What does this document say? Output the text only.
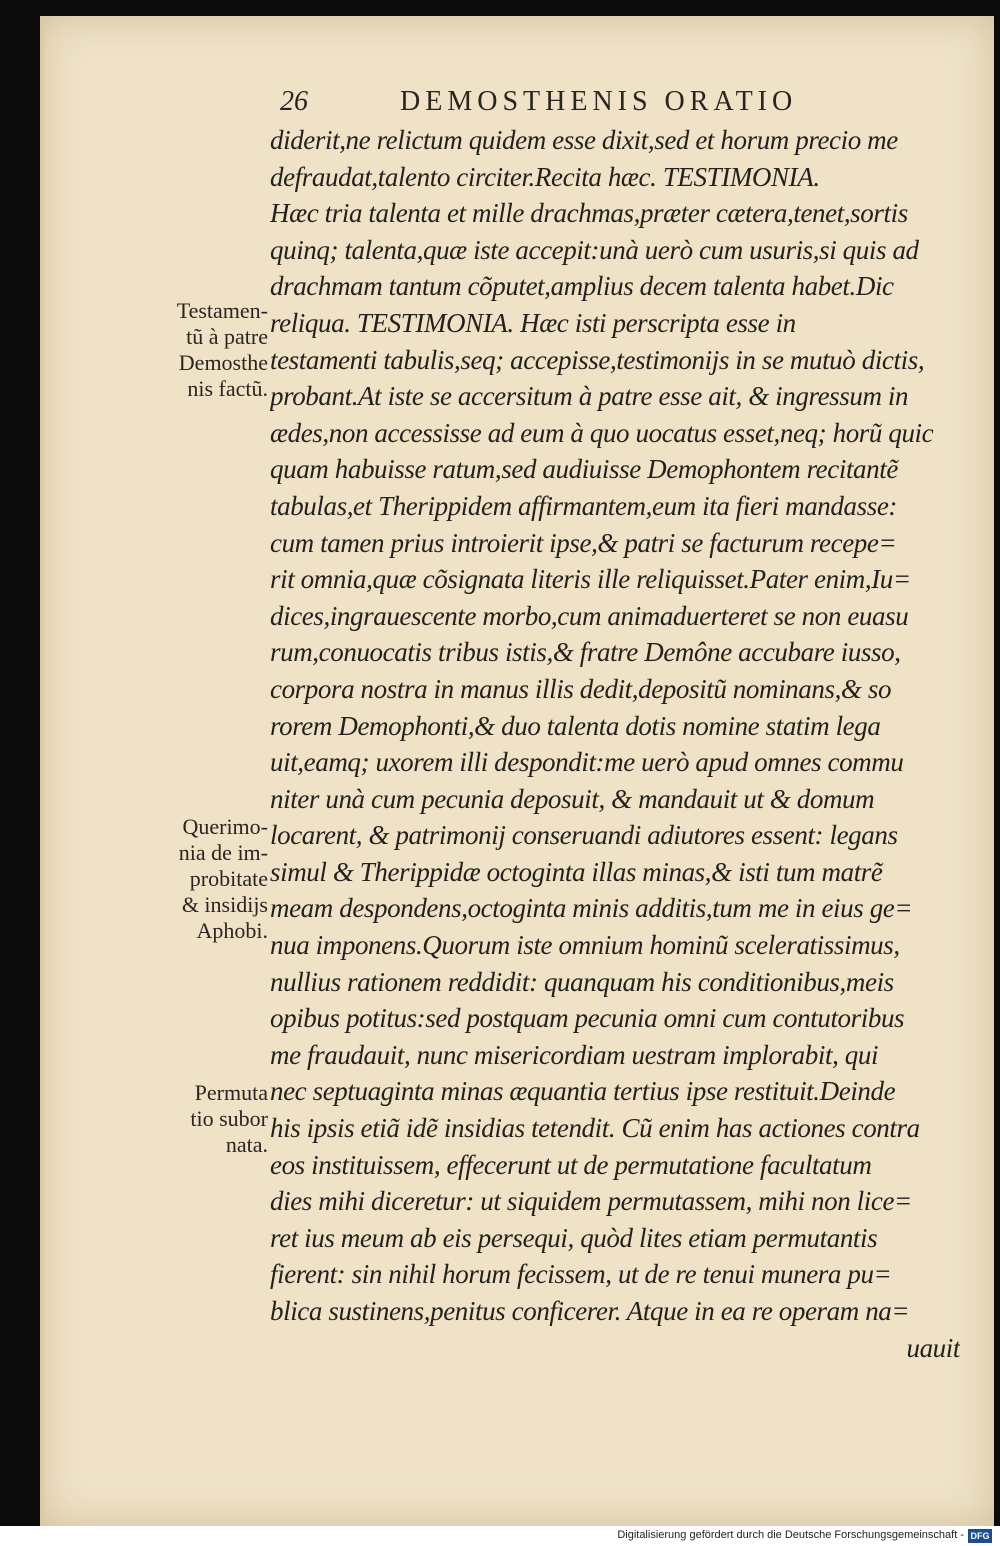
26	DEMOSTHENIS ORATIO
diderit,ne relictum quidem esse dixit,sed et horum precio me
defraudat,talento circiter.Recita hæc. TESTIMONIA.
Hæc tria talenta et mille drachmas,præter cætera,tenet,sortis
quinq; talenta,quæ iste accepit:unà uerò cum usuris,si quis ad
drachmam tantum cõputet,amplius decem talenta habet.Dic
reliqua. TESTIMONIA. Hæc isti perscripta esse in
testamenti tabulis,seq; accepisse,testimonijs in se mutuò dictis,
probant.At iste se accersitum à patre esse ait, & ingressum in
ædes,non accessisse ad eum à quo uocatus esset,neq; horũ quic
quam habuisse ratum,sed audiuisse Demophontem recitantẽ
tabulas,et Therippidem affirmantem,eum ita fieri mandasse:
cum tamen prius introierit ipse,& patri se facturum recepe=
rit omnia,quæ cõsignata literis ille reliquisset.Pater enim,Iu=
dices,ingrauescente morbo,cum animaduerteret se non euasu
rum,conuocatis tribus istis,& fratre Demône accubare iusso,
corpora nostra in manus illis dedit,depositũ nominans,& so
rorem Demophonti,& duo talenta dotis nomine statim lega
uit,eamq; uxorem illi despondit:me uerò apud omnes commu
niter unà cum pecunia deposuit, & mandauit ut & domum
locarent, & patrimonij conseruandi adiutores essent: legans
simul & Therippidæ octoginta illas minas,& isti tum matrẽ
meam despondens,octoginta minis additis,tum me in eius ge=
nua imponens.Quorum iste omnium hominũ sceleratissimus,
nullius rationem reddidit: quanquam his conditionibus,meis
opibus potitus:sed postquam pecunia omni cum contutoribus
me fraudauit, nunc misericordiam uestram implorabit, qui
nec septuaginta minas æquantia tertius ipse restituit.Deinde
his ipsis etiã idẽ insidias tetendit. Cũ enim has actiones contra
eos instituissem, effecerunt ut de permutatione facultatum
dies mihi diceretur: ut siquidem permutassem, mihi non lice=
ret ius meum ab eis persequi, quòd lites etiam permutantis
fierent: sin nihil horum fecissem, ut de re tenui munera pu=
blica sustinens,penitus conficerer. Atque in ea re operam na=
uauit
Testamen-
tũ à patre
Demosthe
nis factũ.
Querimo-
nia de im-
probitate
& insidijs
Aphobi.
Permuta
tio subor
nata.
Digitalisierung gefördert durch die Deutsche Forschungsgemeinschaft - DFG
